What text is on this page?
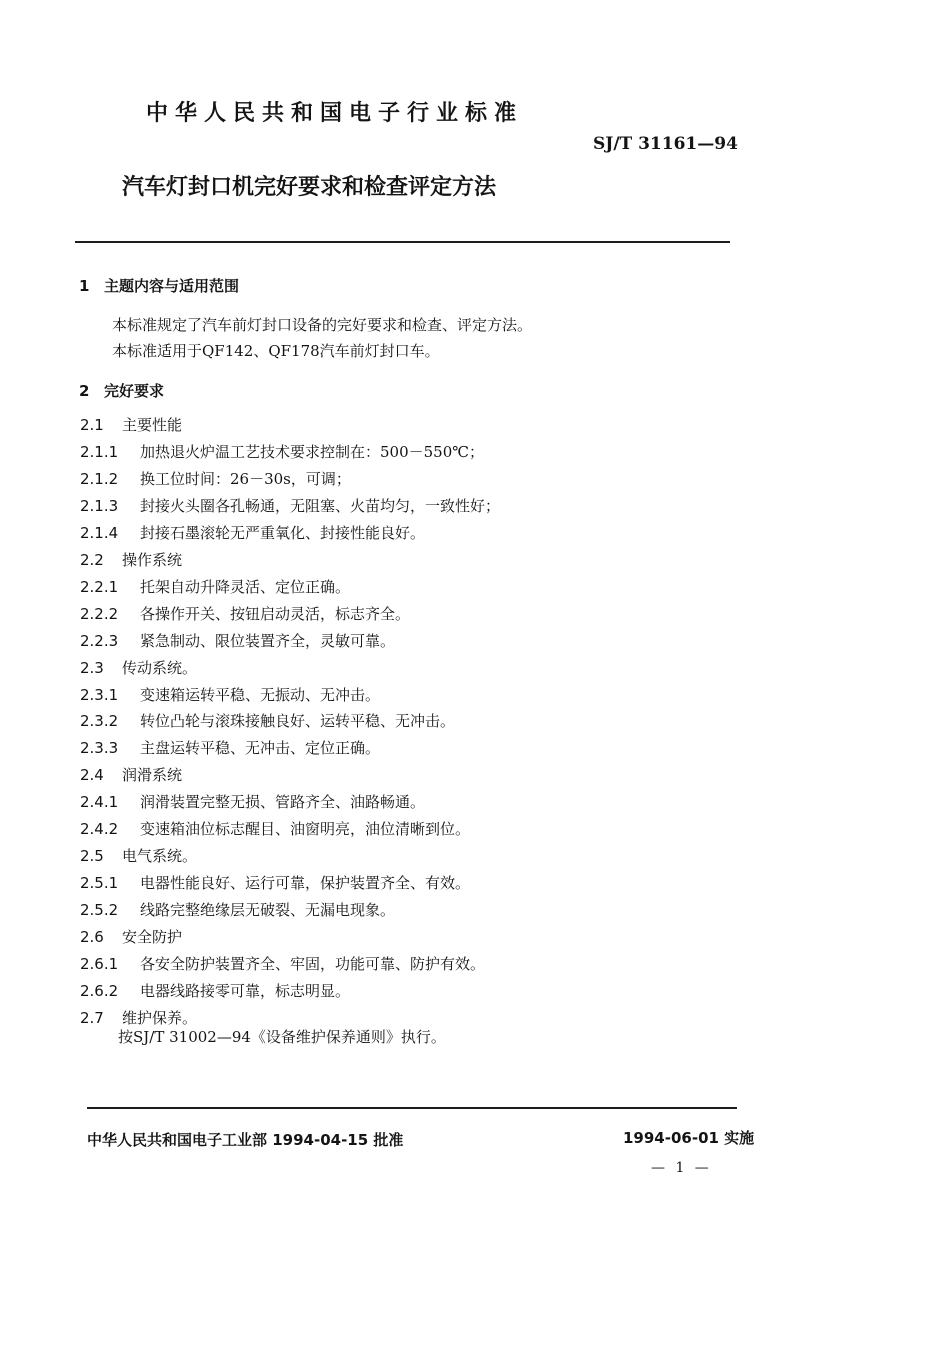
中华人民共和国电子行业标准
SJ/T 31161—94
汽车灯封口机完好要求和检查评定方法
1 主题内容与适用范围
本标准规定了汽车前灯封口设备的完好要求和检查、评定方法。
本标准适用于QF142、QF178汽车前灯封口车。
2 完好要求
2.1 主要性能
2.1.1 加热退火炉温工艺技术要求控制在：500－550℃；
2.1.2 换工位时间：26－30s，可调；
2.1.3 封接火头圈各孔畅通，无阻塞、火苗均匀，一致性好；
2.1.4 封接石墨滚轮无严重氧化、封接性能良好。
2.2 操作系统
2.2.1 托架自动升降灵活、定位正确。
2.2.2 各操作开关、按钮启动灵活，标志齐全。
2.2.3 紧急制动、限位装置齐全，灵敏可靠。
2.3 传动系统。
2.3.1 变速箱运转平稳、无振动、无冲击。
2.3.2 转位凸轮与滚珠接触良好、运转平稳、无冲击。
2.3.3 主盘运转平稳、无冲击、定位正确。
2.4 润滑系统
2.4.1 润滑装置完整无损、管路齐全、油路畅通。
2.4.2 变速箱油位标志醒目、油窗明亮，油位清晰到位。
2.5 电气系统。
2.5.1 电器性能良好、运行可靠，保护装置齐全、有效。
2.5.2 线路完整绝缘层无破裂、无漏电现象。
2.6 安全防护
2.6.1 各安全防护装置齐全、牢固，功能可靠、防护有效。
2.6.2 电器线路接零可靠，标志明显。
2.7 维护保养。
按SJ/T 31002—94《设备维护保养通则》执行。
中华人民共和国电子工业部 1994-04-15 批准	1994-06-01 实施
— 1 —
